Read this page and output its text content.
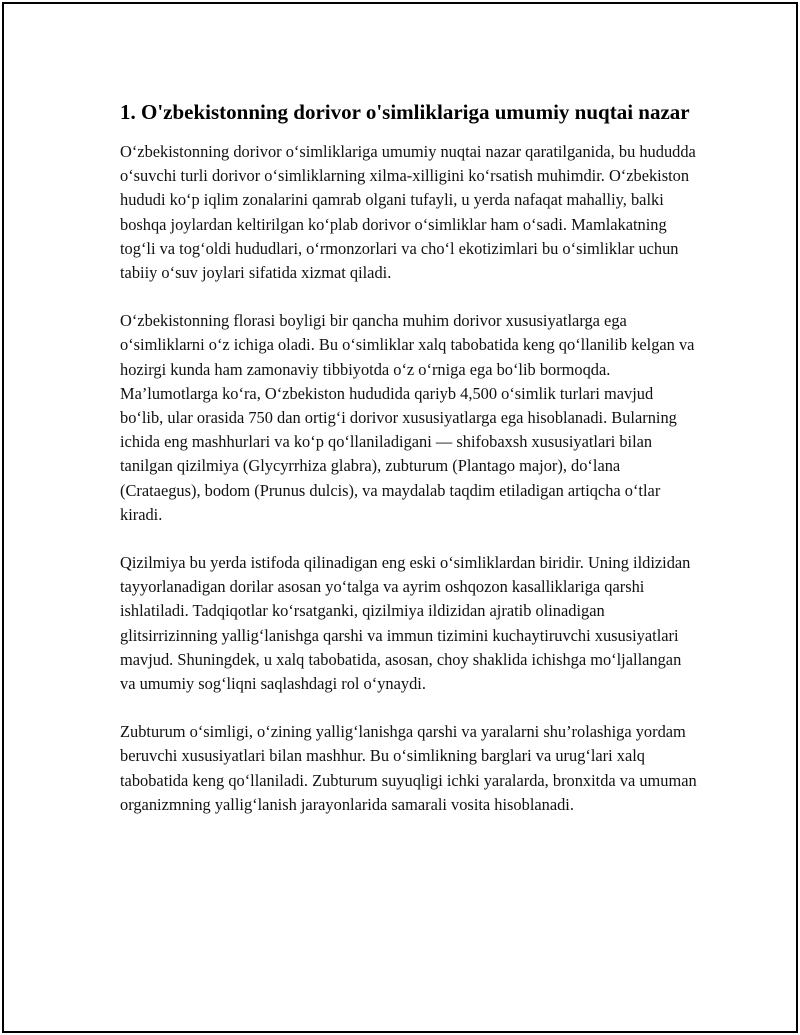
1. O'zbekistonning dorivor o'simliklariga umumiy nuqtai nazar

O‘zbekistonning dorivor o‘simliklariga umumiy nuqtai nazar qaratilganida, bu hududda o‘suvchi turli dorivor o‘simliklarning xilma-xilligini ko‘rsatish muhimdir. O‘zbekiston hududi ko‘p iqlim zonalarini qamrab olgani tufayli, u yerda nafaqat mahalliy, balki boshqa joylardan keltirilgan ko‘plab dorivor o‘simliklar ham o‘sadi. Mamlakatning tog‘li va tog‘oldi hududlari, o‘rmonzorlari va cho‘l ekotizimlari bu o‘simliklar uchun tabiiy o‘suv joylari sifatida xizmat qiladi.

O‘zbekistonning florasi boyligi bir qancha muhim dorivor xususiyatlarga ega o‘simliklarni o‘z ichiga oladi. Bu o‘simliklar xalq tabobatida keng qo‘llanilib kelgan va hozirgi kunda ham zamonaviy tibbiyotda o‘z o‘rniga ega bo‘lib bormoqda. Ma’lumotlarga ko‘ra, O‘zbekiston hududida qariyb 4,500 o‘simlik turlari mavjud bo‘lib, ular orasida 750 dan ortig‘i dorivor xususiyatlarga ega hisoblanadi. Bularning ichida eng mashhurlari va ko‘p qo‘llaniladigani — shifobaxsh xususiyatlari bilan tanilgan qizilmiya (Glycyrrhiza glabra), zubturum (Plantago major), do‘lana (Crataegus), bodom (Prunus dulcis), va maydalab taqdim etiladigan artiqcha o‘tlar kiradi.

Qizilmiya bu yerda istifoda qilinadigan eng eski o‘simliklardan biridir. Uning ildizidan tayyorlanadigan dorilar asosan yo‘talga va ayrim oshqozon kasalliklariga qarshi ishlatiladi. Tadqiqotlar ko‘rsatganki, qizilmiya ildizidan ajratib olinadigan glitsirrizinning yallig‘lanishga qarshi va immun tizimini kuchaytiruvchi xususiyatlari mavjud. Shuningdek, u xalq tabobatida, asosan, choy shaklida ichishga mo‘ljallangan va umumiy sog‘liqni saqlashdagi rol o‘ynaydi.

Zubturum o‘simligi, o‘zining yallig‘lanishga qarshi va yaralarni shu’rolashiga yordam beruvchi xususiyatlari bilan mashhur. Bu o‘simlikning barglari va urug‘lari xalq tabobatida keng qo‘llaniladi. Zubturum suyuqligi ichki yaralarda, bronxitda va umuman organizmning yallig‘lanish jarayonlarida samarali vosita hisoblanadi.
